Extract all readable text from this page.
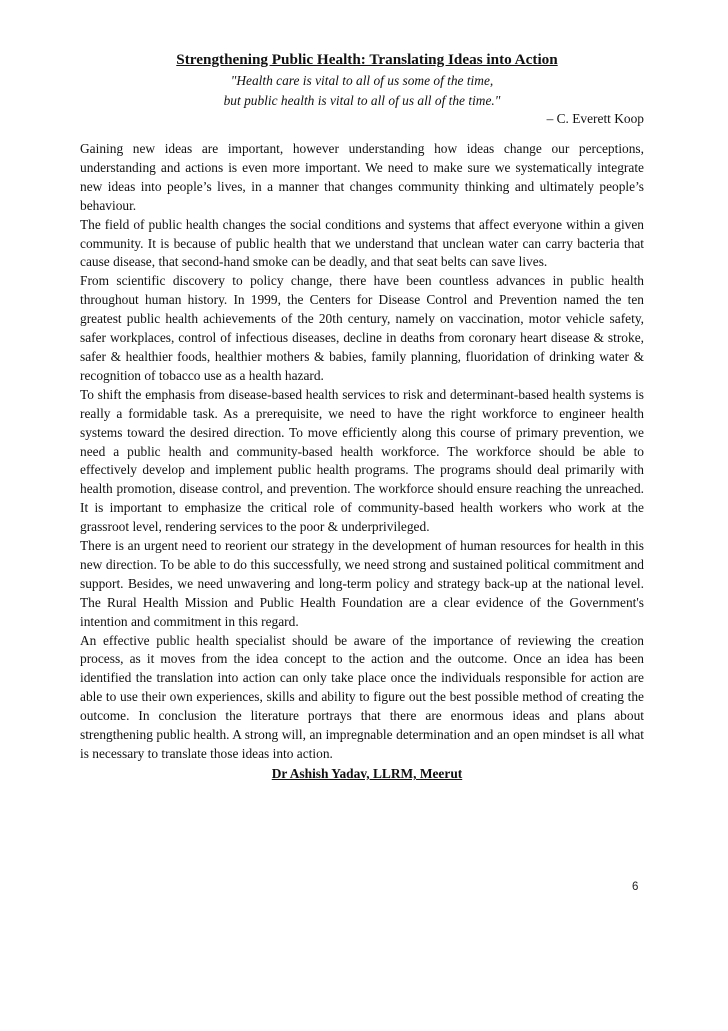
Strengthening Public Health: Translating Ideas into Action

"Health care is vital to all of us some of the time,

but public health is vital to all of us all of the time."

– C. Everett Koop

Gaining new ideas are important, however understanding how ideas change our perceptions, understanding and actions is even more important. We need to make sure we systematically integrate new ideas into people’s lives, in a manner that changes community thinking and ultimately people’s behaviour.

The field of public health changes the social conditions and systems that affect everyone within a given community. It is because of public health that we understand that unclean water can carry bacteria that cause disease, that second-hand smoke can be deadly, and that seat belts can save lives.

From scientific discovery to policy change, there have been countless advances in public health throughout human history. In 1999, the Centers for Disease Control and Prevention named the ten greatest public health achievements of the 20th century, namely on vaccination, motor vehicle safety, safer workplaces, control of infectious diseases, decline in deaths from coronary heart disease & stroke, safer & healthier foods, healthier mothers & babies, family planning, fluoridation of drinking water & recognition of tobacco use as a health hazard.

To shift the emphasis from disease-based health services to risk and determinant-based health systems is really a formidable task. As a prerequisite, we need to have the right workforce to engineer health systems toward the desired direction. To move efficiently along this course of primary prevention, we need a public health and community-based health workforce. The workforce should be able to effectively develop and implement public health programs. The programs should deal primarily with health promotion, disease control, and prevention. The workforce should ensure reaching the unreached. It is important to emphasize the critical role of community-based health workers who work at the grassroot level, rendering services to the poor & underprivileged.

There is an urgent need to reorient our strategy in the development of human resources for health in this new direction. To be able to do this successfully, we need strong and sustained political commitment and support. Besides, we need unwavering and long-term policy and strategy back-up at the national level. The Rural Health Mission and Public Health Foundation are a clear evidence of the Government's intention and commitment in this regard.

An effective public health specialist should be aware of the importance of reviewing the creation process, as it moves from the idea concept to the action and the outcome. Once an idea has been identified the translation into action can only take place once the individuals responsible for action are able to use their own experiences, skills and ability to figure out the best possible method of creating the outcome. In conclusion the literature portrays that there are enormous ideas and plans about strengthening public health. A strong will, an impregnable determination and an open mindset is all what is necessary to translate those ideas into action.

Dr Ashish Yadav, LLRM, Meerut

6
